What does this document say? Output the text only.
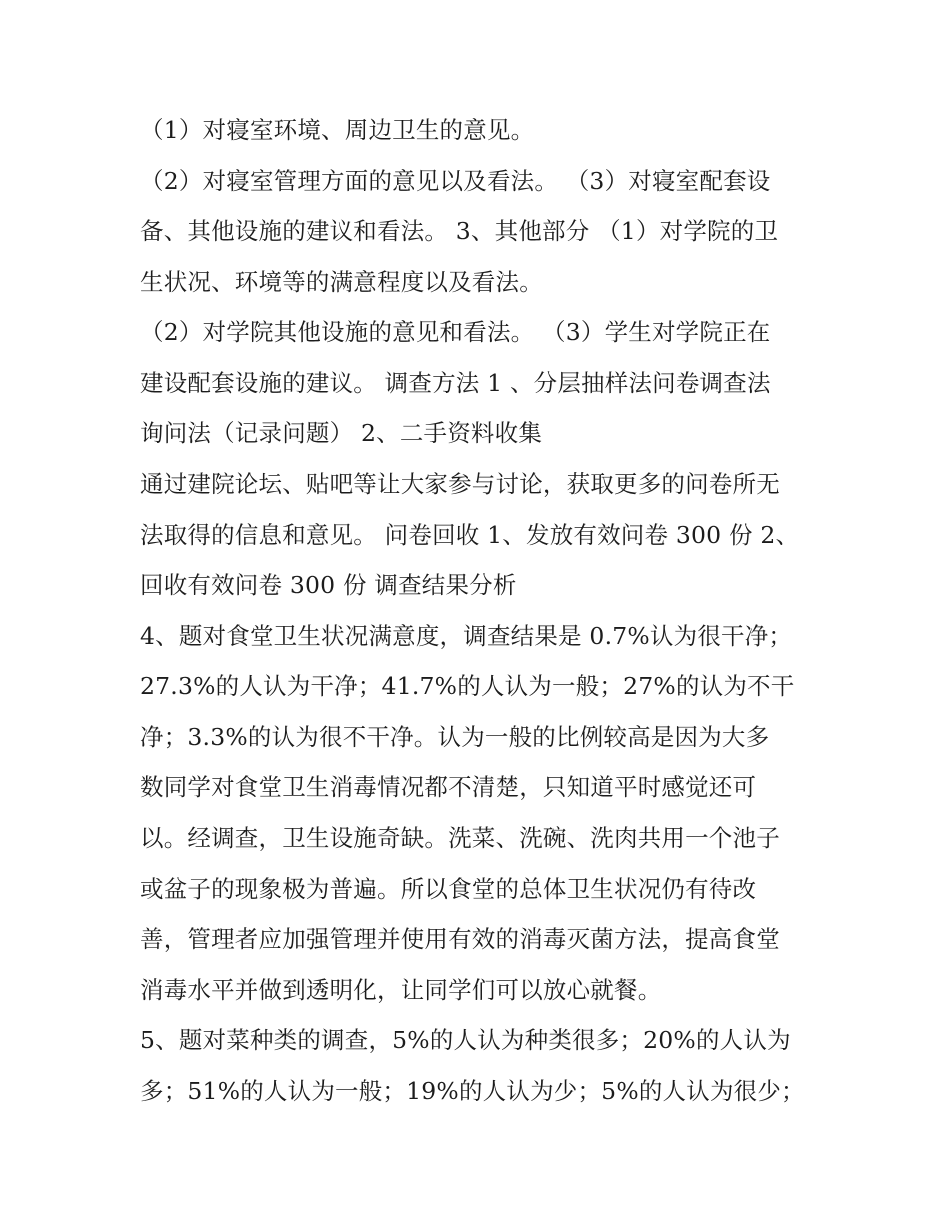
（1）对寝室环境、周边卫生的意见。
（2）对寝室管理方面的意见以及看法。 （3）对寝室配套设
备、其他设施的建议和看法。 3、其他部分 （1）对学院的卫
生状况、环境等的满意程度以及看法。
（2）对学院其他设施的意见和看法。 （3）学生对学院正在
建设配套设施的建议。 调查方法 1 、分层抽样法问卷调查法
询问法（记录问题） 2、二手资料收集
通过建院论坛、贴吧等让大家参与讨论，获取更多的问卷所无
法取得的信息和意见。 问卷回收 1、发放有效问卷 300 份 2、
回收有效问卷 300 份 调查结果分析
4、题对食堂卫生状况满意度，调查结果是 0.7%认为很干净；
27.3%的人认为干净；41.7%的人认为一般；27%的认为不干
净；3.3%的认为很不干净。认为一般的比例较高是因为大多
数同学对食堂卫生消毒情况都不清楚，只知道平时感觉还可
以。经调查，卫生设施奇缺。洗菜、洗碗、洗肉共用一个池子
或盆子的现象极为普遍。所以食堂的总体卫生状况仍有待改
善，管理者应加强管理并使用有效的消毒灭菌方法，提高食堂
消毒水平并做到透明化，让同学们可以放心就餐。
5、题对菜种类的调查，5%的人认为种类很多；20%的人认为
多；51%的人认为一般；19%的人认为少；5%的人认为很少；
